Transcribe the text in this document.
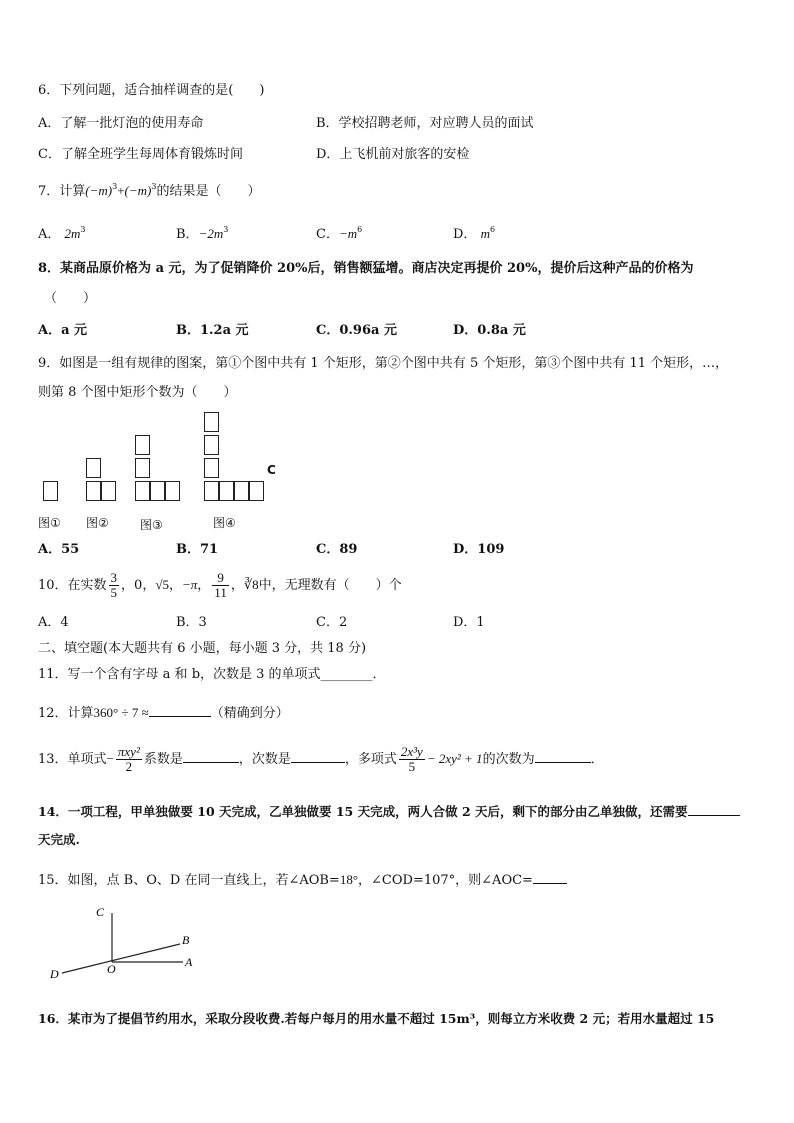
6．下列问题，适合抽样调查的是(　　)
A．了解一批灯泡的使用寿命	B．学校招聘老师，对应聘人员的面试
C．了解全班学生每周体育锻炼时间	D．上飞机前对旅客的安检
7．计算$(-m)^3+(-m)^3$的结果是（　　）
A． $2m^3$	B．$-2m^3$	C．$-m^6$	D． $m^6$
8．某商品原价格为 a 元，为了促销降价 20%后，销售额猛增。商店决定再提价 20%，提价后这种产品的价格为
（　　）
A．a 元	B．1.2a 元	C．0.96a 元	D．0.8a 元
9．如图是一组有规律的图案，第①个图中共有 1 个矩形，第②个图中共有 5 个矩形，第③个图中共有 11 个矩形，…，
则第 8 个图中矩形个数为（　　）
C
图① 图②	图③	图④
A．55	B．71	C．89	D．109
10．在实数 $\frac{3}{5}$ ，0，√5，−π， $\frac{9}{11}$ ，∛8中，无理数有（　　）个
A．4	B．3	C．2	D．1
二、填空题(本大题共有 6 小题，每小题 3 分，共 18 分)
11．写一个含有字母 a 和 b，次数是 3 的单项式________．
12．计算360° ÷ 7 ≈	（精确到分）
13．单项式− $\frac{\text{πxy²}}{2}$ 系数是	，次数是	，多项式 $\frac{\text{2x³y}}{5} - 2xy^2 + 1$的次数为	．
14．一项工程，甲单独做要 10 天完成，乙单独做要 15 天完成，两人合做 2 天后，剩下的部分由乙单独做，还需要
天完成.
15．如图，点 B、O、D 在同一直线上，若∠AOB=18°，∠COD=107°，则∠AOC=
C
B
A
D	O
16．某市为了提倡节约用水，采取分段收费.若每户每月的用水量不超过 15m³，则每立方米收费 2 元；若用水量超过 15
